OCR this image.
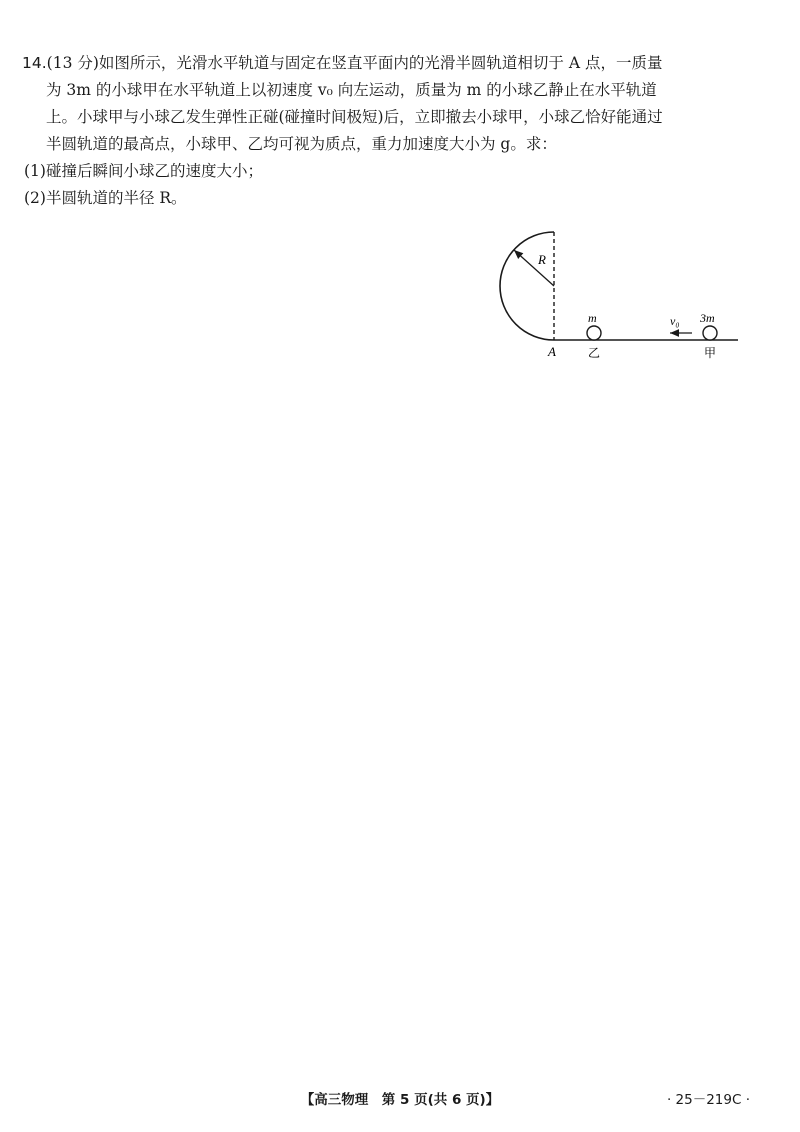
14.(13 分)如图所示，光滑水平轨道与固定在竖直平面内的光滑半圆轨道相切于 A 点，一质量
为 3m 的小球甲在水平轨道上以初速度 v₀ 向左运动，质量为 m 的小球乙静止在水平轨道
上。小球甲与小球乙发生弹性正碰(碰撞时间极短)后，立即撤去小球甲，小球乙恰好能通过
半圆轨道的最高点，小球甲、乙均可视为质点，重力加速度大小为 g。求：
(1)碰撞后瞬间小球乙的速度大小；
(2)半圆轨道的半径 R。
R
A
m
乙
3m
甲
v₀
【高三物理　第 5 页(共 6 页)】	· 25－219C ·
